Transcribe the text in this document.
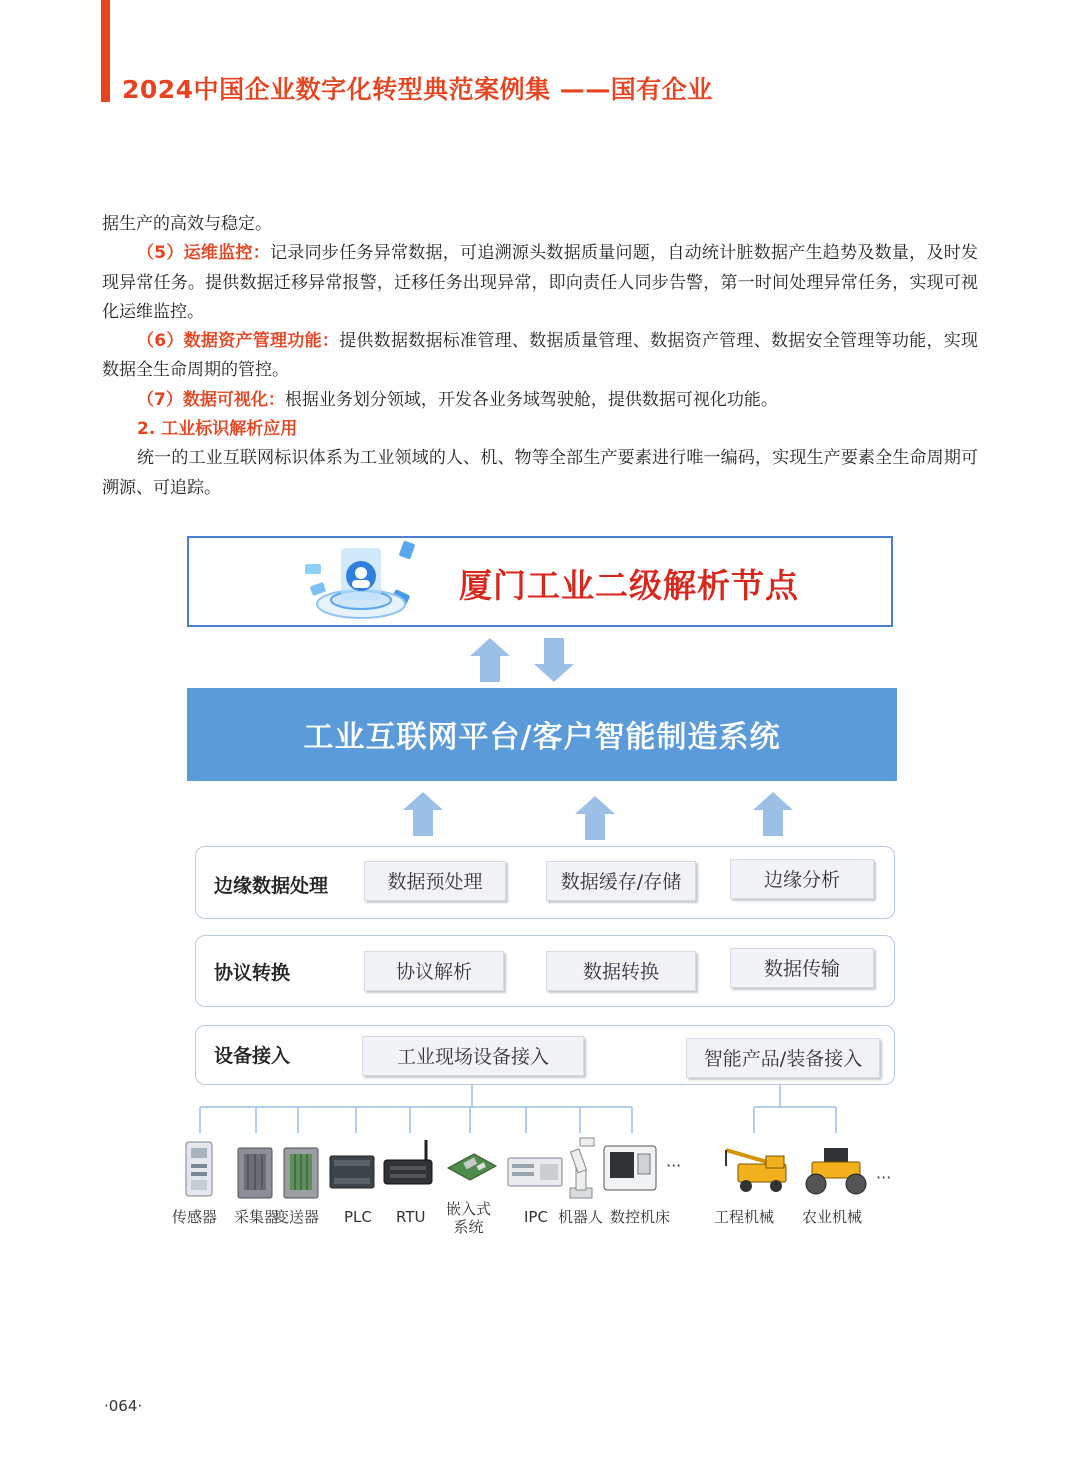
2024中国企业数字化转型典范案例集 ——国有企业

据生产的高效与稳定。

（5）运维监控：记录同步任务异常数据，可追溯源头数据质量问题，自动统计脏数据产生趋势及数量，及时发现异常任务。提供数据迁移异常报警，迁移任务出现异常，即向责任人同步告警，第一时间处理异常任务，实现可视化运维监控。

（6）数据资产管理功能：提供数据数据标准管理、数据质量管理、数据资产管理、数据安全管理等功能，实现数据全生命周期的管控。

（7）数据可视化：根据业务划分领域，开发各业务域驾驶舱，提供数据可视化功能。

2. 工业标识解析应用

统一的工业互联网标识体系为工业领域的人、机、物等全部生产要素进行唯一编码，实现生产要素全生命周期可溯源、可追踪。

厦门工业二级解析节点
工业互联网平台/客户智能制造系统
边缘数据处理	数据预处理	数据缓存/存储	边缘分析
协议转换	协议解析	数据转换	数据传输
设备接入	工业现场设备接入	智能产品/装备接入
···
···
传感器 采集器
变送器 PLC RTU 嵌入式
系统
IPC 机器人 数控机床	工程机械 农业机械
·064·
